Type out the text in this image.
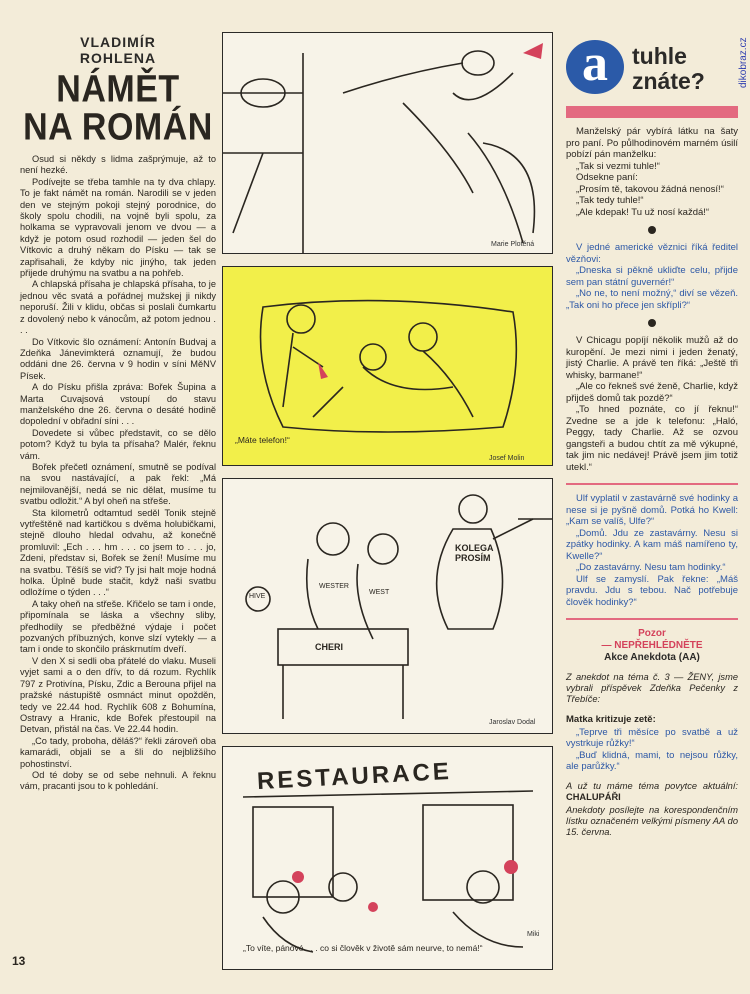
VLADIMÍR
ROHLENA
NÁMĚT
NA ROMÁN

Osud si někdy s lidma zašprýmuje, až to není hezké.

Podívejte se třeba tamhle na ty dva chlapy. To je fakt námět na román. Narodili se v jeden den ve stejným pokoji stejný porodnice, do školy spolu chodili, na vojně byli spolu, za holkama se vypravovali jenom ve dvou — a když je potom osud rozhodil — jeden šel do Vítkovic a druhý někam do Písku — tak se zapřisahali, že kdyby nic jinýho, tak jeden přijede druhýmu na svatbu a na pohřeb.

A chlapská přísaha je chlapská přísaha, to je jednou věc svatá a pořádnej mužskej ji nikdy neporuší. Žili v klidu, občas si poslali čumkartu z dovolený nebo k vánocům, až potom jednou . . .

Do Vítkovic šlo oznámení: Antonín Budvaj a Zdeňka Jánevimkterá oznamují, že budou oddáni dne 26. června v 9 hodin v síni MěNV Písek.

A do Písku přišla zpráva: Bořek Šupina a Marta Cuvajsová vstoupí do stavu manželského dne 26. června o desáté hodině dopolední v obřadní síni . . .

Dovedete si vůbec představit, co se dělo potom? Když tu byla ta přísaha? Malér, řeknu vám.

Bořek přečetl oznámení, smutně se podíval na svou nastávající, a pak řekl: „Má nejmilovanější, nedá se nic dělat, musíme tu svatbu odložit.“ A byl oheň na střeše.

Sta kilometrů odtamtud seděl Tonik stejně vytřeštěně nad kartičkou s dvěma holubičkami, stejně dlouho hledal odvahu, až konečně promluvil: „Ech . . . hm . . . co jsem to . . . jo, Zdeni, představ si, Bořek se žení! Musíme mu na svatbu. Těšíš se viď? Ty jsi halt moje hodná holka. Úplně bude stačit, když naši svatbu odložíme o týden . . .“

A taky oheň na střeše. Křičelo se tam i onde, připomínala se láska a všechny sliby, předhodily se předběžné výdaje i počet pozvaných příbuzných, konve slzí vytekly — a tam i onde to skončilo práskrnutím dveří.

V den X si sedli oba přátelé do vlaku. Museli vyjet sami a o den dřív, to dá rozum. Rychlík 797 z Protivína, Písku, Zdic a Berouna přijel na pražské nástupiště osmnáct minut opožděn, tedy ve 22.44 hod. Rychlík 608 z Bohumína, Ostravy a Hranic, kde Bořek přestoupil na Detvan, přistál na čas. Ve 22.44 hodin.

„Co tady, proboha, děláš?“ řekli zároveň oba kamarádi, objali se a šli do nejbližšího pohostinství.

Od té doby se od sebe nehnuli. A řeknu vám, pracanti jsou to k pohledání.

13
Marie Plotěná
„Máte telefon!“
Josef Molin
KOLEGA PROSÍM
WESTER
CHERI
WEST
HIVE
Jaroslav Dodal
RESTAURACE
„To víte, pánové . . . co si člověk v životě sám neurve, to nemá!“
Miki
dikobraz.cz
a	tuhle znáte?

Manželský pár vybírá látku na šaty pro paní. Po půlhodinovém marném úsilí pobízí pán manželku:

„Tak si vezmi tuhle!“

Odsekne paní:

„Prosím tě, takovou žádná nenosí!“

„Tak tedy tuhle!“

„Ale kdepak! Tu už nosí každá!“

V jedné americké věznici říká ředitel vězňovi:

„Dneska si pěkně ukliďte celu, přijde sem pan státní guvernér!“

„No ne, to není možný,“ diví se vězeň. „Tak oni ho přece jen skřípli?“

V Chicagu popíjí několik mužů až do kuropění. Je mezi nimi i jeden ženatý, jistý Charlie. A právě ten říká: „Ještě tři whisky, barmane!“

„Ale co řekneš své ženě, Charlie, když přijdeš domů tak pozdě?“

„To hned poznáte, co jí řeknu!“ Zvedne se a jde k telefonu: „Haló, Peggy, tady Charlie. Až se ozvou gangsteři a budou chtít za mě výkupné, tak jim nic nedávej! Právě jsem jim totiž utekl.“

Ulf vyplatil v zastavárně své hodinky a nese si je pyšně domů. Potká ho Kwell: „Kam se valíš, Ulfe?“

„Domů. Jdu ze zastavárny. Nesu si zpátky hodinky. A kam máš namířeno ty, Kwelle?“

„Do zastavárny. Nesu tam hodinky.“

Ulf se zamyslí. Pak řekne: „Máš pravdu. Jdu s tebou. Nač potřebuje člověk hodinky?“

Pozor
— NEPŘEHLÉDNĚTE
Akce Anekdota (AA)
Z anekdot na téma č. 3 — ŽENY, jsme vybrali příspěvek Zdeňka Pečenky z Třebíče:
Matka kritizuje zetě:

„Teprve tři měsíce po svatbě a už vystrkuje růžky!“

„Buď klidná, mami, to nejsou růžky, ale parůžky.“

A už tu máme téma povytce aktuální: CHALUPÁŘI
Anekdoty posílejte na korespondenčním lístku označeném velkými písmeny AA do 15. června.
